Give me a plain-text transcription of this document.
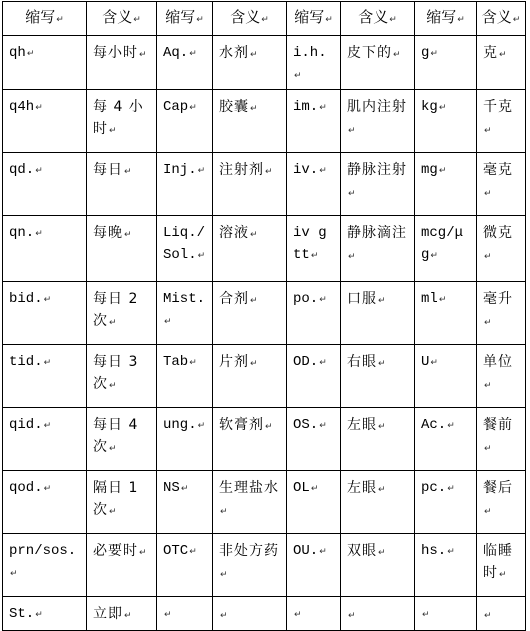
缩写↵	含义↵	缩写↵	含义↵	缩写↵	含义↵	缩写↵	含义↵
qh↵	每小时↵	Aq.↵	水剂↵	i.h.↵	皮下的↵	g↵	克↵
q4h↵	每 4 小时↵	Cap↵	胶囊↵	im.↵	肌内注射↵	kg↵	千克↵
qd.↵	每日↵	Inj.↵	注射剂↵	iv.↵	静脉注射↵	mg↵	毫克↵
qn.↵	每晚↵	Liq./Sol.↵	溶液↵	iv gtt↵	静脉滴注↵	mcg/μg↵	微克↵
bid.↵	每日 2 次↵	Mist.↵	合剂↵	po.↵	口服↵	ml↵	毫升↵
tid.↵	每日 3 次↵	Tab↵	片剂↵	OD.↵	右眼↵	U↵	单位↵
qid.↵	每日 4 次↵	ung.↵	软膏剂↵	OS.↵	左眼↵	Ac.↵	餐前↵
qod.↵	隔日 1 次↵	NS↵	生理盐水↵	OL↵	左眼↵	pc.↵	餐后↵
prn/sos.↵	必要时↵	OTC↵	非处方药↵	OU.↵	双眼↵	hs.↵	临睡时↵
St.↵	立即↵	↵	↵	↵	↵	↵	↵
